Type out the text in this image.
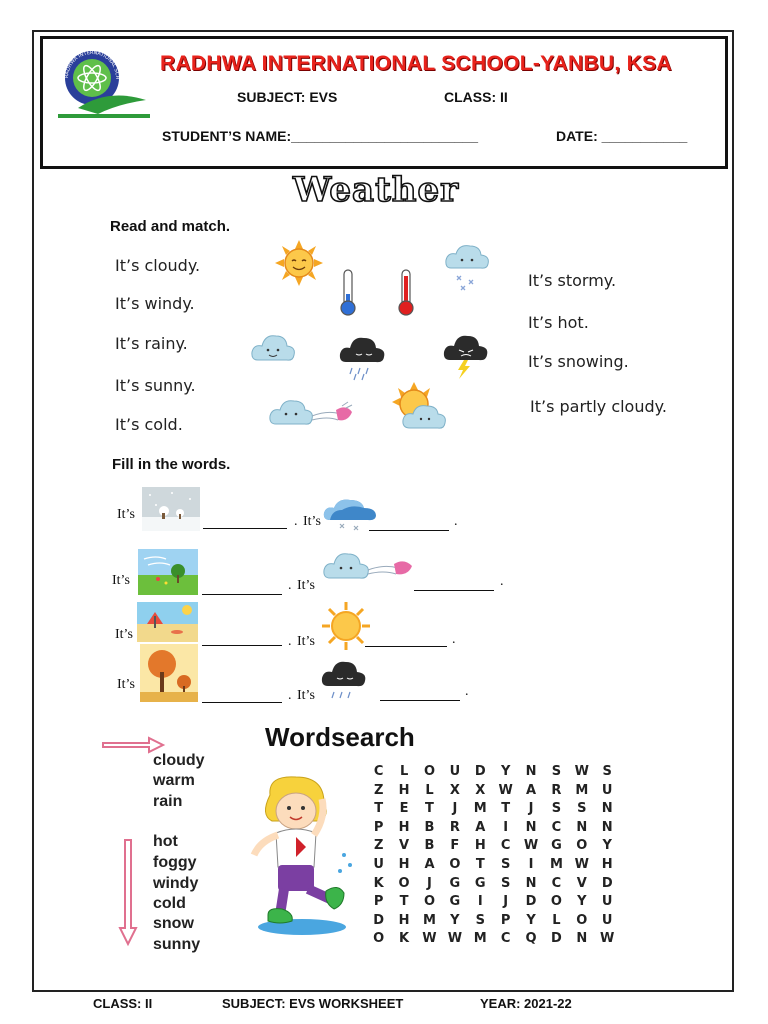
RADHWA INTERNATIONAL SCHOOL - YANBU
RADHWA INTERNATIONAL SCHOOL-YANBU, KSA
SUBJECT: EVS	CLASS: II
STUDENT’S NAME:________________________	DATE: ___________
Weather
Read and match.
It’s cloudy.
It’s windy.
It’s rainy.
It’s sunny.
It’s cold.
It’s stormy.
It’s hot.
It’s snowing.
It’s partly cloudy.
Fill in the words.
It’s	. It’s	.
It’s	. It’s	.
It’s	. It’s	.
It’s
. It’s	.
Wordsearch
cloudy
warm
rain
hot
foggy
windy
cold
snow
sunny
C	L	O	U	D	Y	N	S	W	S
Z	H	L	X	X	W	A	R	M	U
T	E	T	J	M	T	J	S	S	N
P	H	B	R	A	I	N	C	N	N
Z	V	B	F	H	C	W G	O	Y
U	H	A	O	T	S	I	M W H
K	O	J	G	G	S	N	C	V	D
P	T	O	G	I	J	D	O	Y	U
D	H	M	Y	S	P	Y	L	O	U
O	K	W W M	C	Q	D	N W
CLASS: II	SUBJECT: EVS WORKSHEET	YEAR: 2021-22
